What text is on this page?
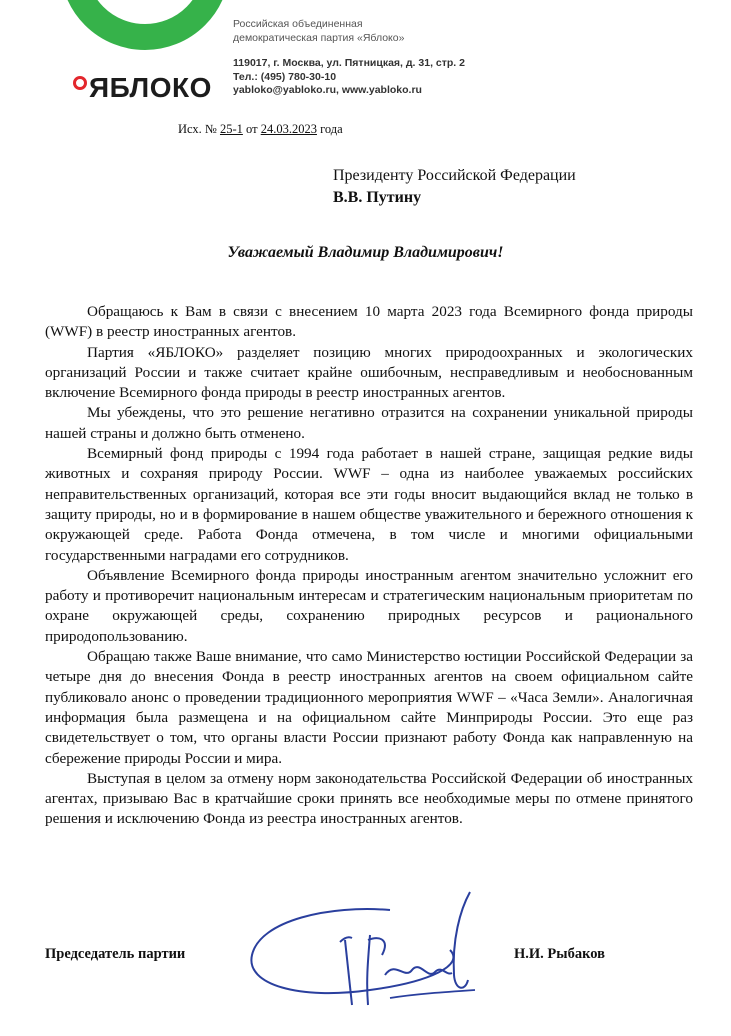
ЯБЛОКО
Российская объединенная
демократическая партия «Яблоко»
119017, г. Москва, ул. Пятницкая, д. 31, стр. 2
Тел.: (495) 780-30-10
yabloko@yabloko.ru, www.yabloko.ru
Исх. № 25-1 от 24.03.2023 года
Президенту Российской Федерации
В.В. Путину
Уважаемый Владимир Владимирович!

Обращаюсь к Вам в связи с внесением 10 марта 2023 года Всемирного фонда природы (WWF) в реестр иностранных агентов.

Партия «ЯБЛОКО» разделяет позицию многих природоохранных и экологических организаций России и также считает крайне ошибочным, несправедливым и необоснованным включение Всемирного фонда природы в реестр иностранных агентов.

Мы убеждены, что это решение негативно отразится на сохранении уникальной природы нашей страны и должно быть отменено.

Всемирный фонд природы с 1994 года работает в нашей стране, защищая редкие виды животных и сохраняя природу России. WWF – одна из наиболее уважаемых российских неправительственных организаций, которая все эти годы вносит выдающийся вклад не только в защиту природы, но и в формирование в нашем обществе уважительного и бережного отношения к окружающей среде. Работа Фонда отмечена, в том числе и многими официальными государственными наградами его сотрудников.

Объявление Всемирного фонда природы иностранным агентом значительно усложнит его работу и противоречит национальным интересам и стратегическим национальным приоритетам по охране окружающей среды, сохранению природных ресурсов и рационального природопользованию.

Обращаю также Ваше внимание, что само Министерство юстиции Российской Федерации за четыре дня до внесения Фонда в реестр иностранных агентов на своем официальном сайте публиковало анонс о проведении традиционного мероприятия WWF – «Часа Земли». Аналогичная информация была размещена и на официальном сайте Минприроды России. Это еще раз свидетельствует о том, что органы власти России признают работу Фонда как направленную на сбережение природы России и мира.

Выступая в целом за отмену норм законодательства Российской Федерации об иностранных агентах, призываю Вас в кратчайшие сроки принять все необходимые меры по отмене принятого решения и исключению Фонда из реестра иностранных агентов.

Председатель партии	Н.И. Рыбаков
